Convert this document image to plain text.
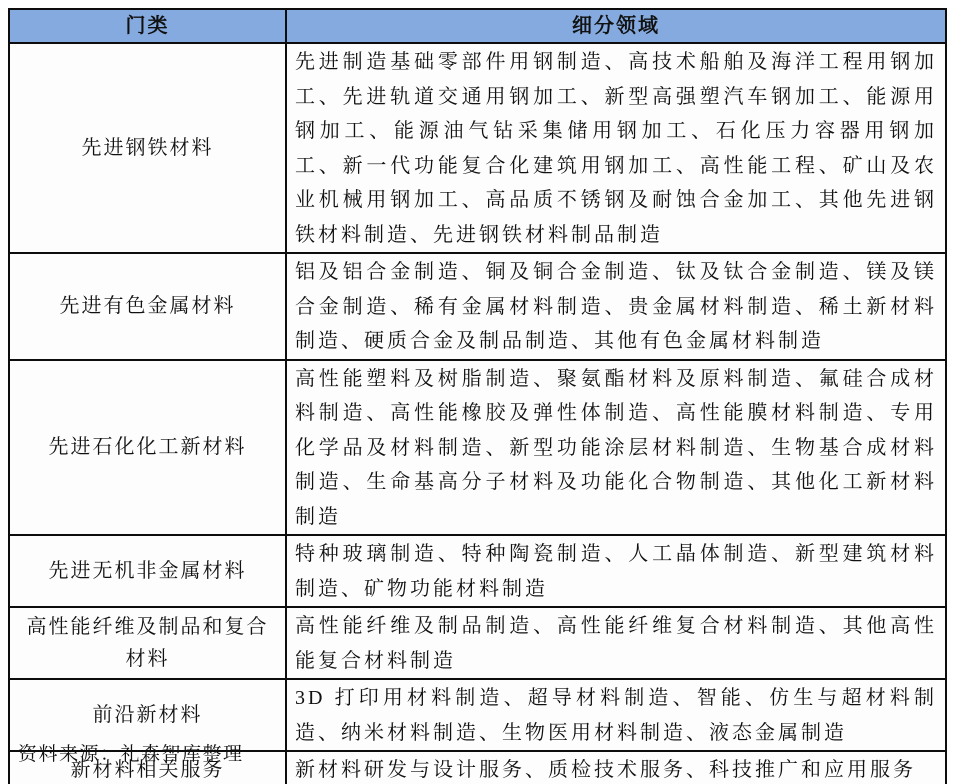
门类	细分领域
先进钢铁材料
先进制造基础零部件用钢制造、高技术船舶及海洋工程用钢加工、先进轨道交通用钢加工、新型高强塑汽车钢加工、能源用钢加工、能源油气钻采集储用钢加工、石化压力容器用钢加工、新一代功能复合化建筑用钢加工、高性能工程、矿山及农业机械用钢加工、高品质不锈钢及耐蚀合金加工、其他先进钢铁材料制造、先进钢铁材料制品制造
先进有色金属材料
铝及铝合金制造、铜及铜合金制造、钛及钛合金制造、镁及镁合金制造、稀有金属材料制造、贵金属材料制造、稀土新材料制造、硬质合金及制品制造、其他有色金属材料制造
先进石化化工新材料
高性能塑料及树脂制造、聚氨酯材料及原料制造、氟硅合成材料制造、高性能橡胶及弹性体制造、高性能膜材料制造、专用化学品及材料制造、新型功能涂层材料制造、生物基合成材料制造、生命基高分子材料及功能化合物制造、其他化工新材料制造
先进无机非金属材料
特种玻璃制造、特种陶瓷制造、人工晶体制造、新型建筑材料制造、矿物功能材料制造
高性能纤维及制品和复合材料
高性能纤维及制品制造、高性能纤维复合材料制造、其他高性能复合材料制造
前沿新材料
3D 打印用材料制造、超导材料制造、智能、仿生与超材料制造、纳米材料制造、生物医用材料制造、液态金属制造
新材料相关服务	新材料研发与设计服务、质检技术服务、科技推广和应用服务
资料来源：礼森智库整理
